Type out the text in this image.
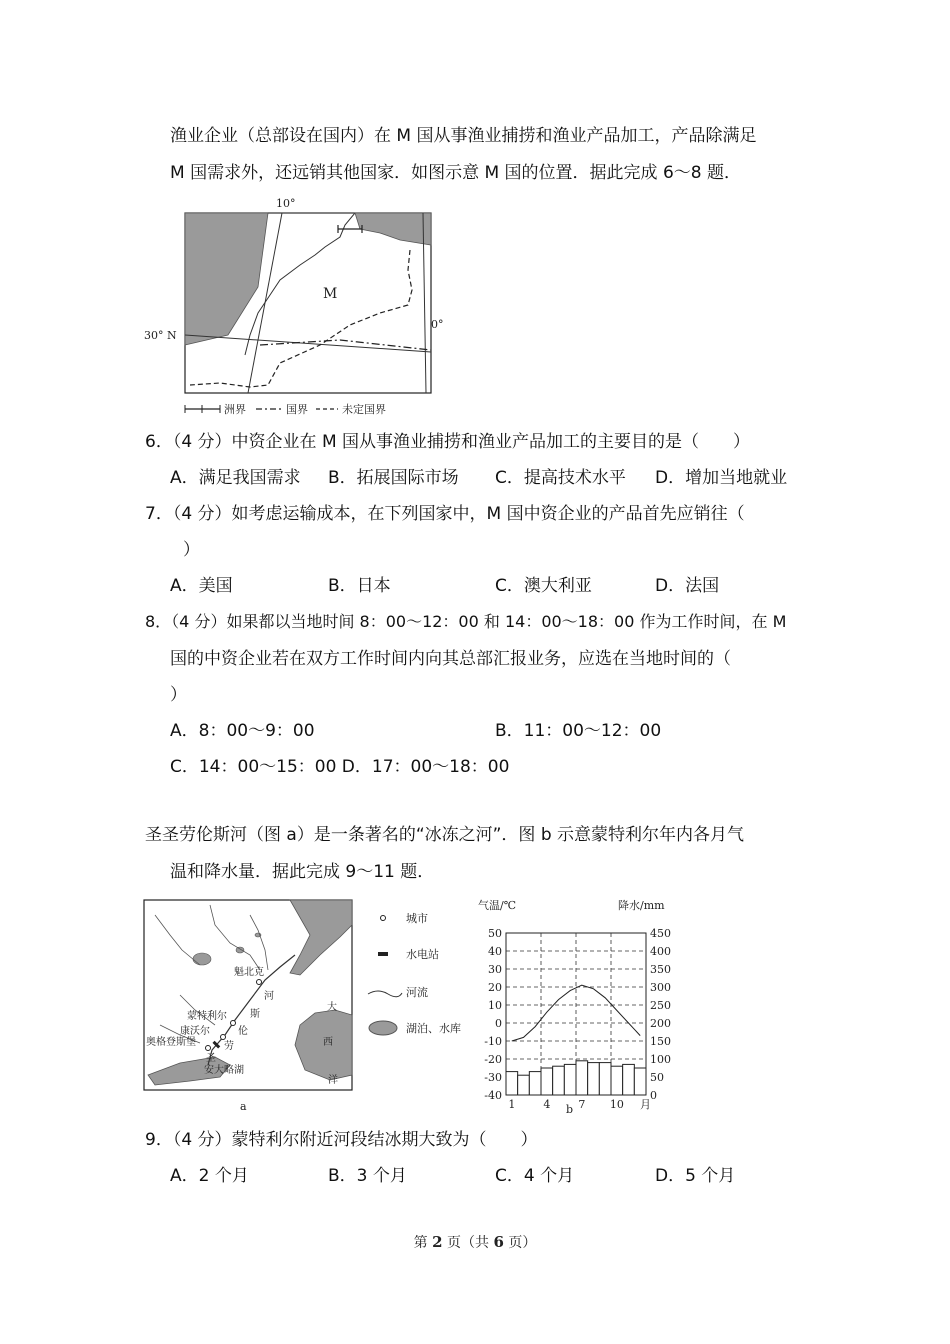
渔业企业（总部设在国内）在 M 国从事渔业捕捞和渔业产品加工，产品除满足
M 国需求外，还远销其他国家．如图示意 M 国的位置．据此完成 6～8 题．
10°
0°
30° N
M
洲界	国界	未定国界
6．（4 分）中资企业在 M 国从事渔业捕捞和渔业产品加工的主要目的是（　　）
A．满足我国需求 B．拓展国际市场 C．提高技术水平 D．增加当地就业
7．（4 分）如考虑运输成本，在下列国家中，M 国中资企业的产品首先应销往（
）
A．美国	B．日本	C．澳大利亚	D．法国
8．（4 分）如果都以当地时间 8：00～12：00 和 14：00～18：00 作为工作时间，在 M
国的中资企业若在双方工作时间内向其总部汇报业务，应选在当地时间的（
）
A．8：00～9：00	B．11：00～12：00
C．14：00～15：00 D．17：00～18：00
圣圣劳伦斯河（图 a）是一条著名的“冰冻之河”．图 b 示意蒙特利尔年内各月气
温和降水量．据此完成 9～11 题．
魁北克
蒙特利尔
康沃尔
奥格登斯堡
河
斯
伦
劳
圣
安大略湖
大
西
洋
a
城市
水电站
河流
湖泊、水库
气温/℃	降水/mm
50
40
30
20
10
0
-10
-20
-30
-40
450
400
350
300
250
200
150
100
50
0
1	4	7 10 月
b
9．（4 分）蒙特利尔附近河段结冰期大致为（　　）
A．2 个月	B．3 个月	C．4 个月	D．5 个月
第 2 页（共 6 页）
